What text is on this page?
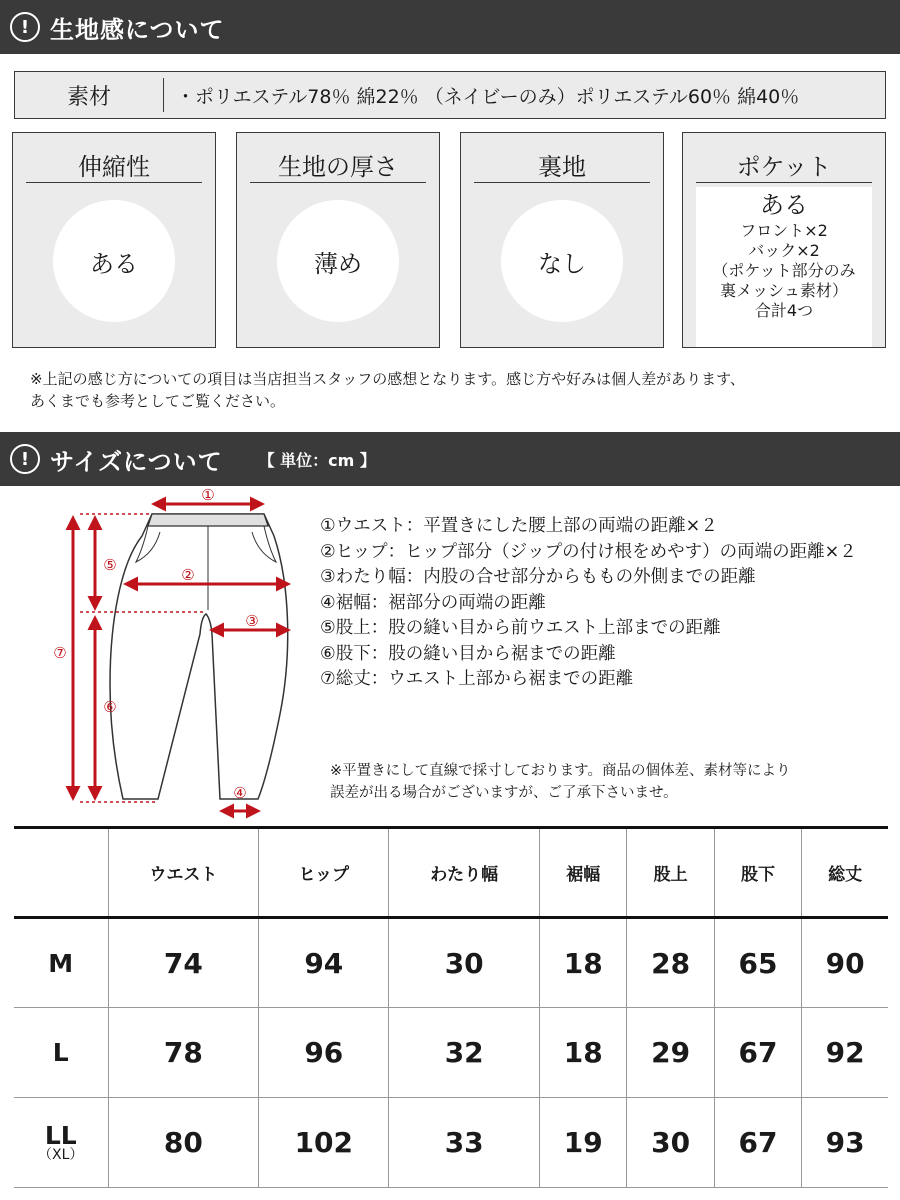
! 生地感について
素材	・ポリエステル78％ 綿22％ （ネイビーのみ）ポリエステル60％ 綿40％
伸縮性
ある
生地の厚さ
薄め
裏地
なし
ポケット
ある
フロント×2
バック×2
（ポケット部分のみ
裏メッシュ素材）
合計4つ
※上記の感じ方についての項目は当店担当スタッフの感想となります。感じ方や好みは個人差があります、
あくまでも参考としてご覧ください。
! サイズについて 【 単位：cm 】
①
②
③
④
⑤
⑥
⑦
①ウエスト：平置きにした腰上部の両端の距離×２
②ヒップ：ヒップ部分（ジップの付け根をめやす）の両端の距離×２
③わたり幅：内股の合せ部分からももの外側までの距離
④裾幅：裾部分の両端の距離
⑤股上：股の縫い目から前ウエスト上部までの距離
⑥股下：股の縫い目から裾までの距離
⑦総丈：ウエスト上部から裾までの距離
※平置きにして直線で採寸しております。商品の個体差、素材等により
誤差が出る場合がございますが、ご了承下さいませ。
	ウエスト	ヒップ	わたり幅	裾幅	股上	股下	総丈
M	74	94	30	18	28	65	90
L	78	96	32	18	29	67	92
LL
（XL）	80	102	33	19	30	67	93
